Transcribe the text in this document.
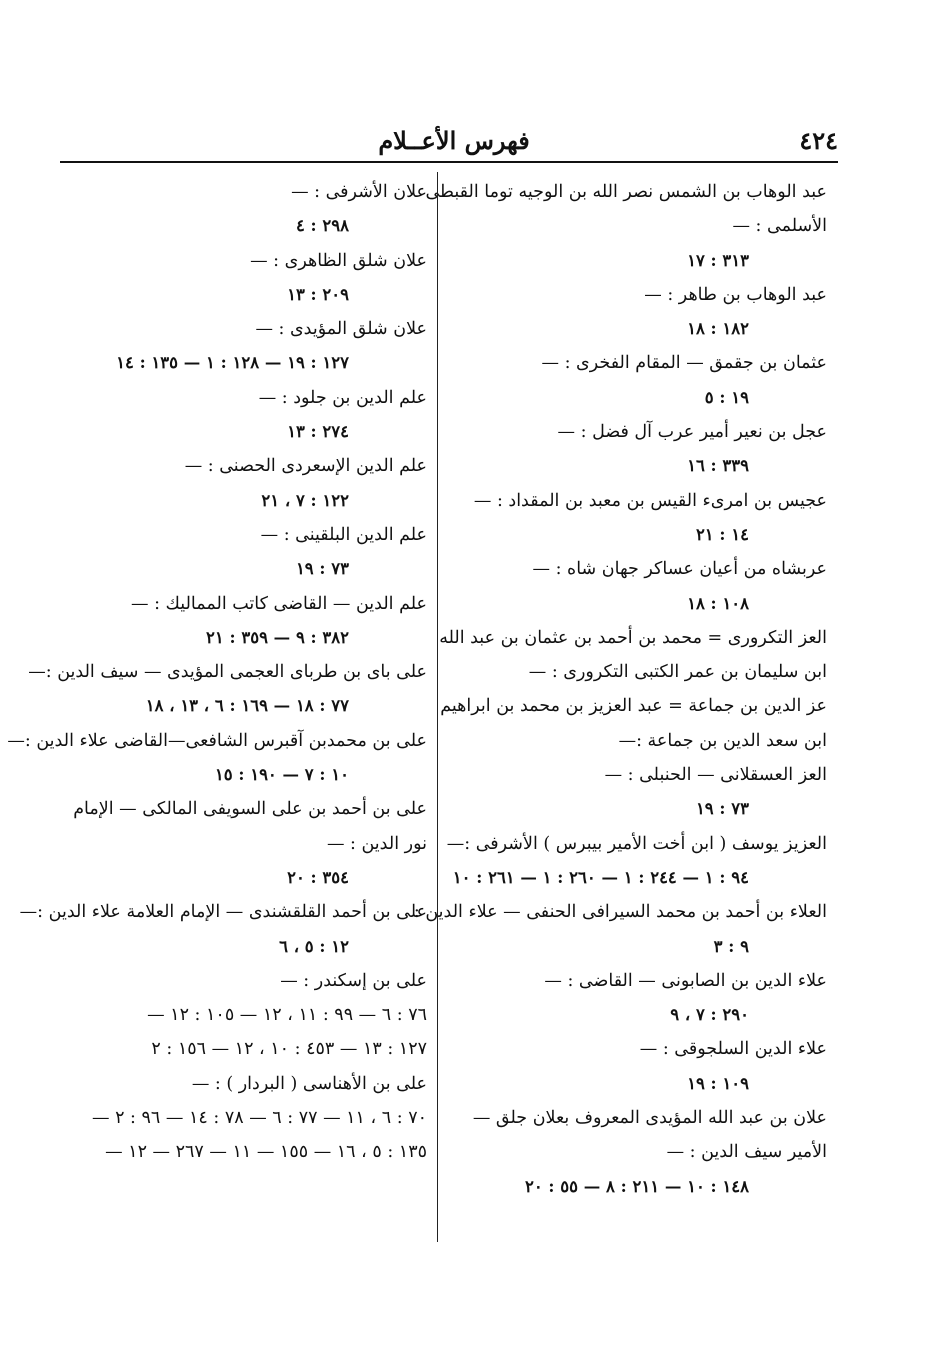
٤٢٤
فهرس الأعــلام
عبد الوهاب بن الشمس نصر الله بن الوجيه توما القبطى
الأسلمى : —
٣١٣ : ١٧
عبد الوهاب بن طاهر : —
١٨٢ : ١٨
عثمان بن جقمق — المقام الفخرى : —
١٩ : ٥
عجل بن نعير أمير عرب آل فضل : —
٣٣٩ : ١٦
عجيس بن امرىء القيس بن معبد بن المقداد : —
١٤ : ٢١
عربشاه من أعيان عساكر جهان شاه : —
١٠٨ : ١٨
العز التكرورى = محمد بن أحمد بن عثمان بن عبد الله
ابن سليمان بن عمر الكتبى التكرورى : —
عز الدين بن جماعة = عبد العزيز بن محمد بن ابراهيم
ابن سعد الدين بن جماعة :—
العز العسقلانى — الحنبلى : —
٧٣ : ١٩
العزيز يوسف ( ابن أخت الأمير بيبرس ) الأشرفى :—
٩٤ : ١ — ٢٤٤ : ١ — ٢٦٠ : ١ — ٢٦١ : ١٠
العلاء بن أحمد بن محمد السيرافى الحنفى — علاء الدين :
٩ : ٣
علاء الدين بن الصابونى — القاضى : —
٢٩٠ : ٧ ، ٩
علاء الدين السلجوقى : —
١٠٩ : ١٩
علان بن عبد الله المؤيدى المعروف بعلان جلق —
الأمير سيف الدين : —
١٤٨ : ١٠ — ٢١١ : ٨ — ٥٥ : ٢٠
علان الأشرفى : —
٢٩٨ : ٤
علان شلق الظاهرى : —
٢٠٩ : ١٣
علان شلق المؤيدى : —
١٢٧ : ١٩ — ١٢٨ : ١ — ١٣٥ : ١٤
علم الدين بن جلود : —
٢٧٤ : ١٣
علم الدين الإسعردى الحصنى : —
١٢٢ : ٧ ، ٢١
علم الدين البلقينى : —
٧٣ : ١٩
علم الدين — القاضى كاتب المماليك : —
٣٨٢ : ٩ — ٣٥٩ : ٢١
على باى بن طرباى العجمى المؤيدى — سيف الدين :—
٧٧ : ١٨ — ١٦٩ : ٦ ، ١٣ ، ١٨
على بن محمدبن آقبرس الشافعى—القاضى علاء الدين :—
١٠ : ٧ — ١٩٠ : ١٥
على بن أحمد بن على السويفى المالكى — الإمام
نور الدين : —
٣٥٤ : ٢٠
على بن أحمد القلقشندى — الإمام العلامة علاء الدين :—
١٢ : ٥ ، ٦
على بن إسكندر : —
٧٦ : ٦ — ٩٩ : ١١ ، ١٢ — ١٠٥ : ١٢ —
١٢٧ : ١٣ — ٤٥٣ : ١٠ ، ١٢ — ١٥٦ : ٢
على بن الأهناسى ( البردار ) : —
٧٠ : ٦ ، ١١ — ٧٧ : ٦ — ٧٨ : ١٤ — ٩٦ : ٢ —
١٣٥ : ٥ ، ١٦ — ١٥٥ — ١١ — ٢٦٧ — ١٢ —
